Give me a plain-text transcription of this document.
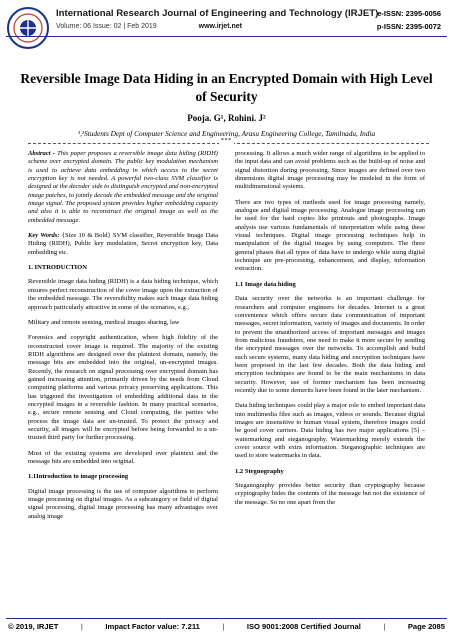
International Research Journal of Engineering and Technology (IRJET)
Volume: 06 Issue: 02 | Feb 2019	www.irjet.net
e-ISSN: 2395-0056
p-ISSN: 2395-0072
Reversible Image Data Hiding in an Encrypted Domain with High Level of Security
Pooja. G¹, Rohini. J²
¹,²Students Dept of Computer Science and Engineering, Arasu Engineering College, Tamilnadu, India
***

Abstract - This paper proposes a reversible image data hiding (RIDH) scheme over encrypted domain. The public key modulation mechanism is used to achieve data embedding in which access to the secret encryption key is not needed. A powerful two-class SVM classifier is designed at the decoder side to distinguish encrypted and non-encrypted image patches, to jointly decode the embedded message and the original image signal. The proposed system provides higher embedding capacity and also it is able to reconstruct the original image as well as the embedded message.

Key Words: {Size 10 & Bold} SVM classifier, Reversible Image Data Hiding (RIDH), Public key modulation, Secret encryption key, Data embedding etc.

1. INTRODUCTION

Reversible image data hiding (RIDH) is a data hiding technique, which ensures perfect reconstruction of the cover image upon the extraction of the embedded message. The reversibility makes such image data hiding approach particularly attractive in some of the scenarios, e.g.,

Military and remote sensing, medical images sharing, law

Forensics and copyright authentication, where high fidelity of the reconstructed cover image is required. The majority of the existing RIDH algorithms are designed over the plaintext domain, namely, the message bits are embedded into the original, un-encrypted images. Recently, the research on signal processing over encrypted domain has gained increasing attention, primarily driven by the needs from Cloud computing platforms and various privacy preserving applications. This has triggered the investigation of embedding additional data in the encrypted images in a reversible fashion. In many practical scenarios, e.g., secure remote sensing and Cloud computing, the parties who process the image data are un-trusted. To protect the privacy and security, all images will be encrypted before being forwarded to a un-trusted third party for further processing.

Most of the existing systems are developed over plaintext and the message bits are embedded into original.

1.1Introduction to image processing

Digital image processing is the use of computer algorithms to perform image processing on digital images. As a subcategory or field of digital signal processing, digital image processing has many advantages over analog image

processing. It allows a much wider range of algorithms to be applied to the input data and can avoid problems such as the build-up of noise and signal distortion during processing. Since images are defined over two dimensions digital image processing may be modeled in the form of multidimensional systems.

There are two types of methods used for image processing namely, analogue and digital image processing. Analogue image processing can be used for the hard copies like printouts and photographs. Image analysts use various fundamentals of interpretation while using these visual techniques. Digital image processing techniques help in manipulation of the digital images by using computers. The three general phases that all types of data have to undergo while using digital technique are pre-processing, enhancement, and display, information extraction.

1.1 Image data hiding

Data security over the networks is an important challenge for researchers and computer engineers for decades. Internet is a great convenience which offers secure data communication of important messages, secret information, variety of images and documents. In order to prevent the unauthorized access of important messages and images from malicious fraudsters, one need to make it more secure by sending the encrypted messages over the networks. To accomplish and build such secure systems, many data hiding and encryption techniques have been proposed in the last few decades. Both the data hiding and encryption techniques are found to be the main mechanisms in data security. However, use of former mechanism has been increasing recently due to some demerits have been found in the later mechanism.

Data hiding techniques could play a major role to embed important data into multimedia files such as images, videos or sounds. Because digital images are insensitive to human visual system, therefore images could be good cover carriers. Data hiding has two major applications [5] – watermarking and steganography. Watermarking merely extends the cover source with extra information. Steganographic techniques are used to store watermarks in data.

1.2 Stegnography

Steganography provides better security than cryptography because cryptography hides the contents of the message but not the existence of the message. So no one apart from the

© 2019, IRJET	|	Impact Factor value: 7.211	|	ISO 9001:2008 Certified Journal	|	Page 2085
